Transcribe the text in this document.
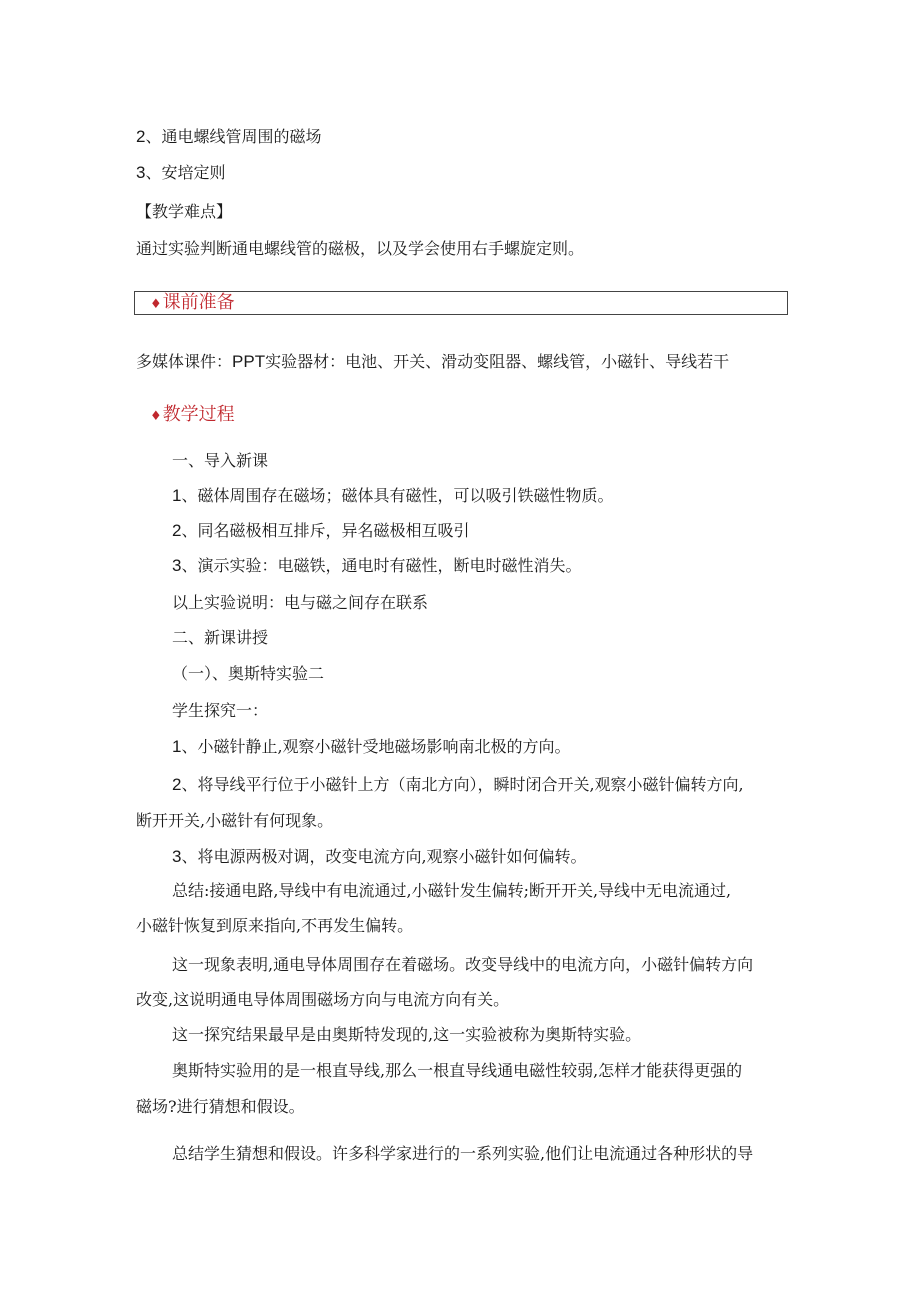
2、通电螺线管周围的磁场
3、安培定则
【教学难点】
通过实验判断通电螺线管的磁极，以及学会使用右手螺旋定则。
♦课前准备
多媒体课件：PPT实验器材：电池、开关、滑动变阻器、螺线管，小磁针、导线若干
♦教学过程
一、导入新课
1、磁体周围存在磁场；磁体具有磁性，可以吸引铁磁性物质。
2、同名磁极相互排斥，异名磁极相互吸引
3、演示实验：电磁铁，通电时有磁性，断电时磁性消失。
以上实验说明：电与磁之间存在联系
二、新课讲授
（一）、奥斯特实验二
学生探究一：
1、小磁针静止,观察小磁针受地磁场影响南北极的方向。
2、将导线平行位于小磁针上方（南北方向），瞬时闭合开关,观察小磁针偏转方向,
断开开关,小磁针有何现象。
3、将电源两极对调，改变电流方向,观察小磁针如何偏转。
总结:接通电路,导线中有电流通过,小磁针发生偏转;断开开关,导线中无电流通过,
小磁针恢复到原来指向,不再发生偏转。
这一现象表明,通电导体周围存在着磁场。改变导线中的电流方向，小磁针偏转方向
改变,这说明通电导体周围磁场方向与电流方向有关。
这一探究结果最早是由奥斯特发现的,这一实验被称为奥斯特实验。
奥斯特实验用的是一根直导线,那么一根直导线通电磁性较弱,怎样才能获得更强的
磁场?进行猜想和假设。
总结学生猜想和假设。许多科学家进行的一系列实验,他们让电流通过各种形状的导
